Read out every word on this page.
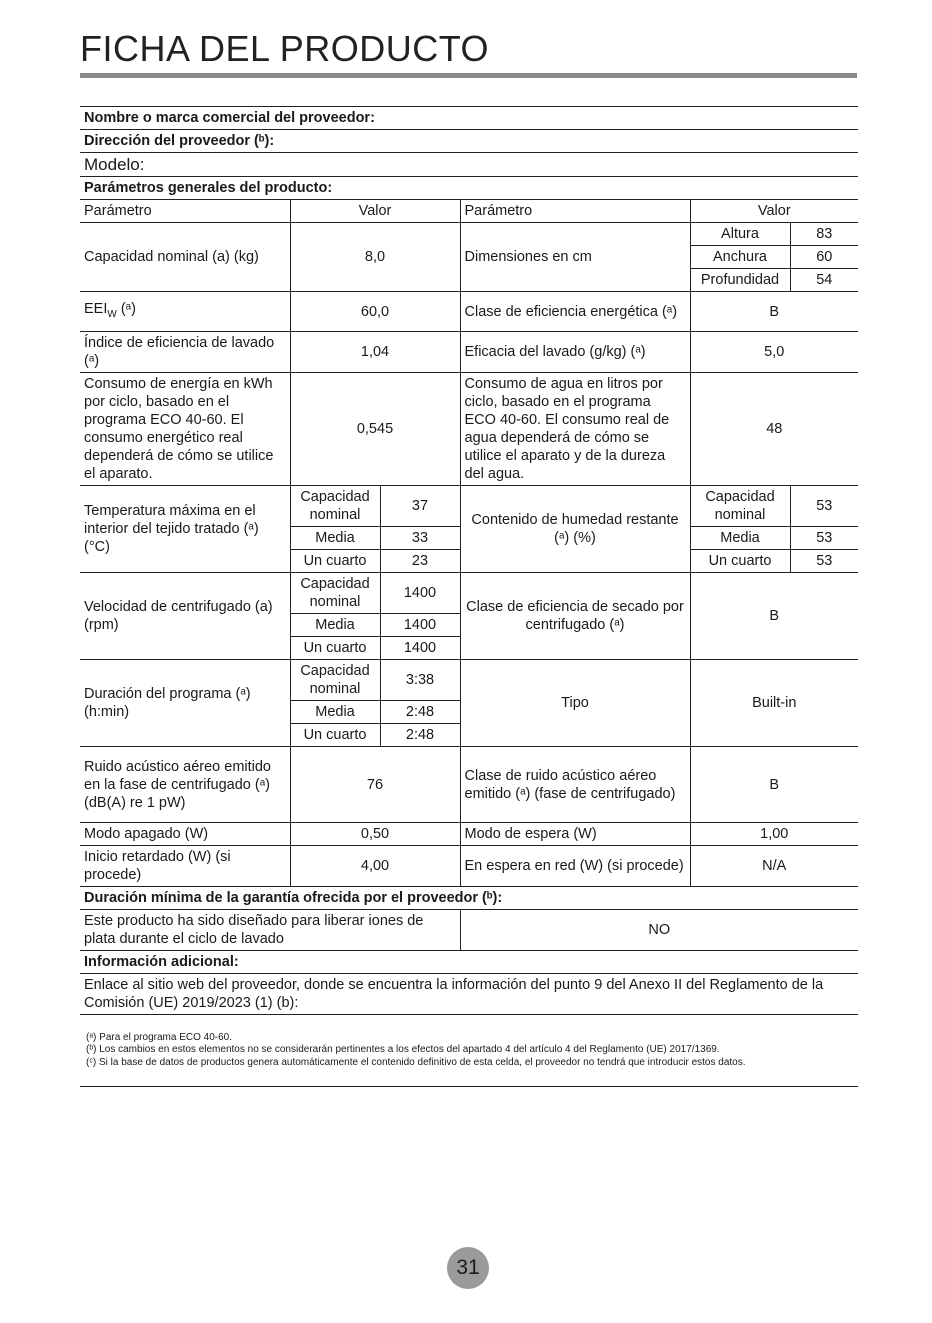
FICHA DEL PRODUCTO
Nombre o marca comercial del proveedor:					
Dirección del proveedor (ᵇ):					
Modelo:					
Parámetros generales del producto:					
Parámetro	Valor		Parámetro	Valor	
Capacidad nominal (a) (kg)	8,0		Dimensiones en cm	Altura	83
				Anchura	60
				Profundidad	54
$EEI_W$ (ᵃ)	60,0		Clase de eficiencia energética (ᵃ)	B	
Índice de eficiencia de lavado (ᵃ)	1,04		Eficacia del lavado (g/kg) (ᵃ)	5,0	
Consumo de energía en kWh por ciclo, basado en el programa ECO 40-60. El consumo energético real dependerá de cómo se utilice el aparato.	0,545		Consumo de agua en litros por ciclo, basado en el programa ECO 40-60. El consumo real de agua dependerá de cómo se utilice el aparato y de la dureza del agua.	48	
Temperatura máxima en el interior del tejido tratado (ᵃ) (°C)	Capacidad nominal	37	Contenido de humedad restante (ᵃ) (%)	Capacidad nominal	53
	Media	33		Media	53
	Un cuarto	23		Un cuarto	53
Velocidad de centrifugado (a) (rpm)	Capacidad nominal	1400	Clase de eficiencia de secado por centrifugado (ᵃ)	B	
	Media	1400			
	Un cuarto	1400			
Duración del programa (ᵃ) (h:min)	Capacidad nominal	3:38	Tipo	Built-in	
	Media	2:48			
	Un cuarto	2:48			
Ruido acústico aéreo emitido en la fase de centrifugado (ᵃ) (dB(A) re 1 pW)	76		Clase de ruido acústico aéreo emitido (ᵃ) (fase de centrifugado)	B	
Modo apagado (W)	0,50		Modo de espera (W)	1,00	
Inicio retardado (W) (si procede)	4,00		En espera en red (W) (si procede)	N/A	
Duración mínima de la garantía ofrecida por el proveedor (ᵇ):					
Este producto ha sido diseñado para liberar iones de plata durante el ciclo de lavado			NO		
Información adicional:					
Enlace al sitio web del proveedor, donde se encuentra la información del punto 9 del Anexo II del Reglamento de la Comisión (UE) 2019/2023 (1) (b):					

(ᵃ) Para el programa ECO 40-60.
(ᵇ) Los cambios en estos elementos no se considerarán pertinentes a los efectos del apartado 4 del artículo 4 del Reglamento (UE) 2017/1369.
(ᶜ) Si la base de datos de productos genera automáticamente el contenido definitivo de esta celda, el proveedor no tendrá que introducir estos datos.					
31
